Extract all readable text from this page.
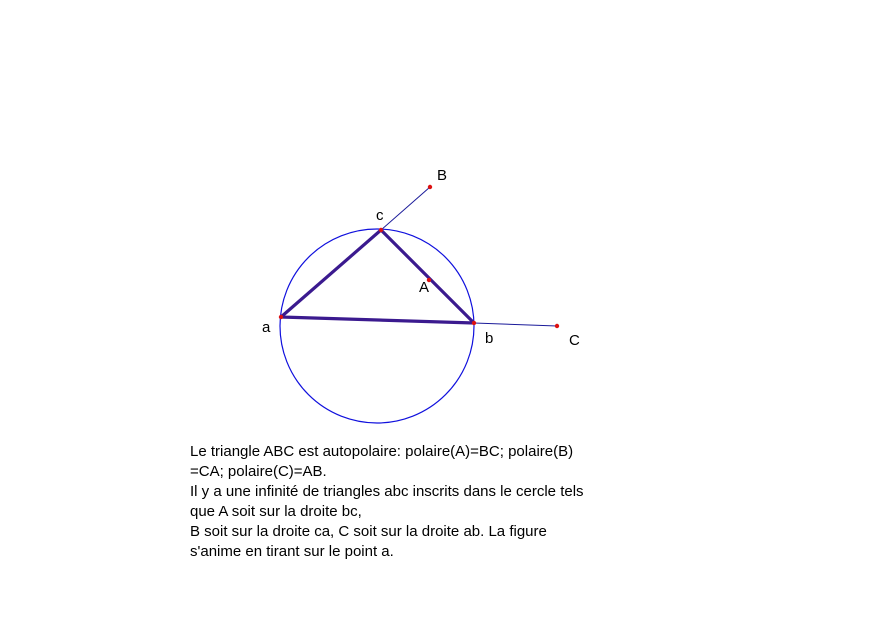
B
c
A
a
b	C
Le triangle ABC est autopolaire: polaire(A)=BC; polaire(B)
=CA; polaire(C)=AB.
Il y a une infinité de triangles abc inscrits dans le cercle tels
que A soit sur la droite bc,
B soit sur la droite ca, C soit sur la droite ab. La figure
s'anime en tirant sur le point a.
